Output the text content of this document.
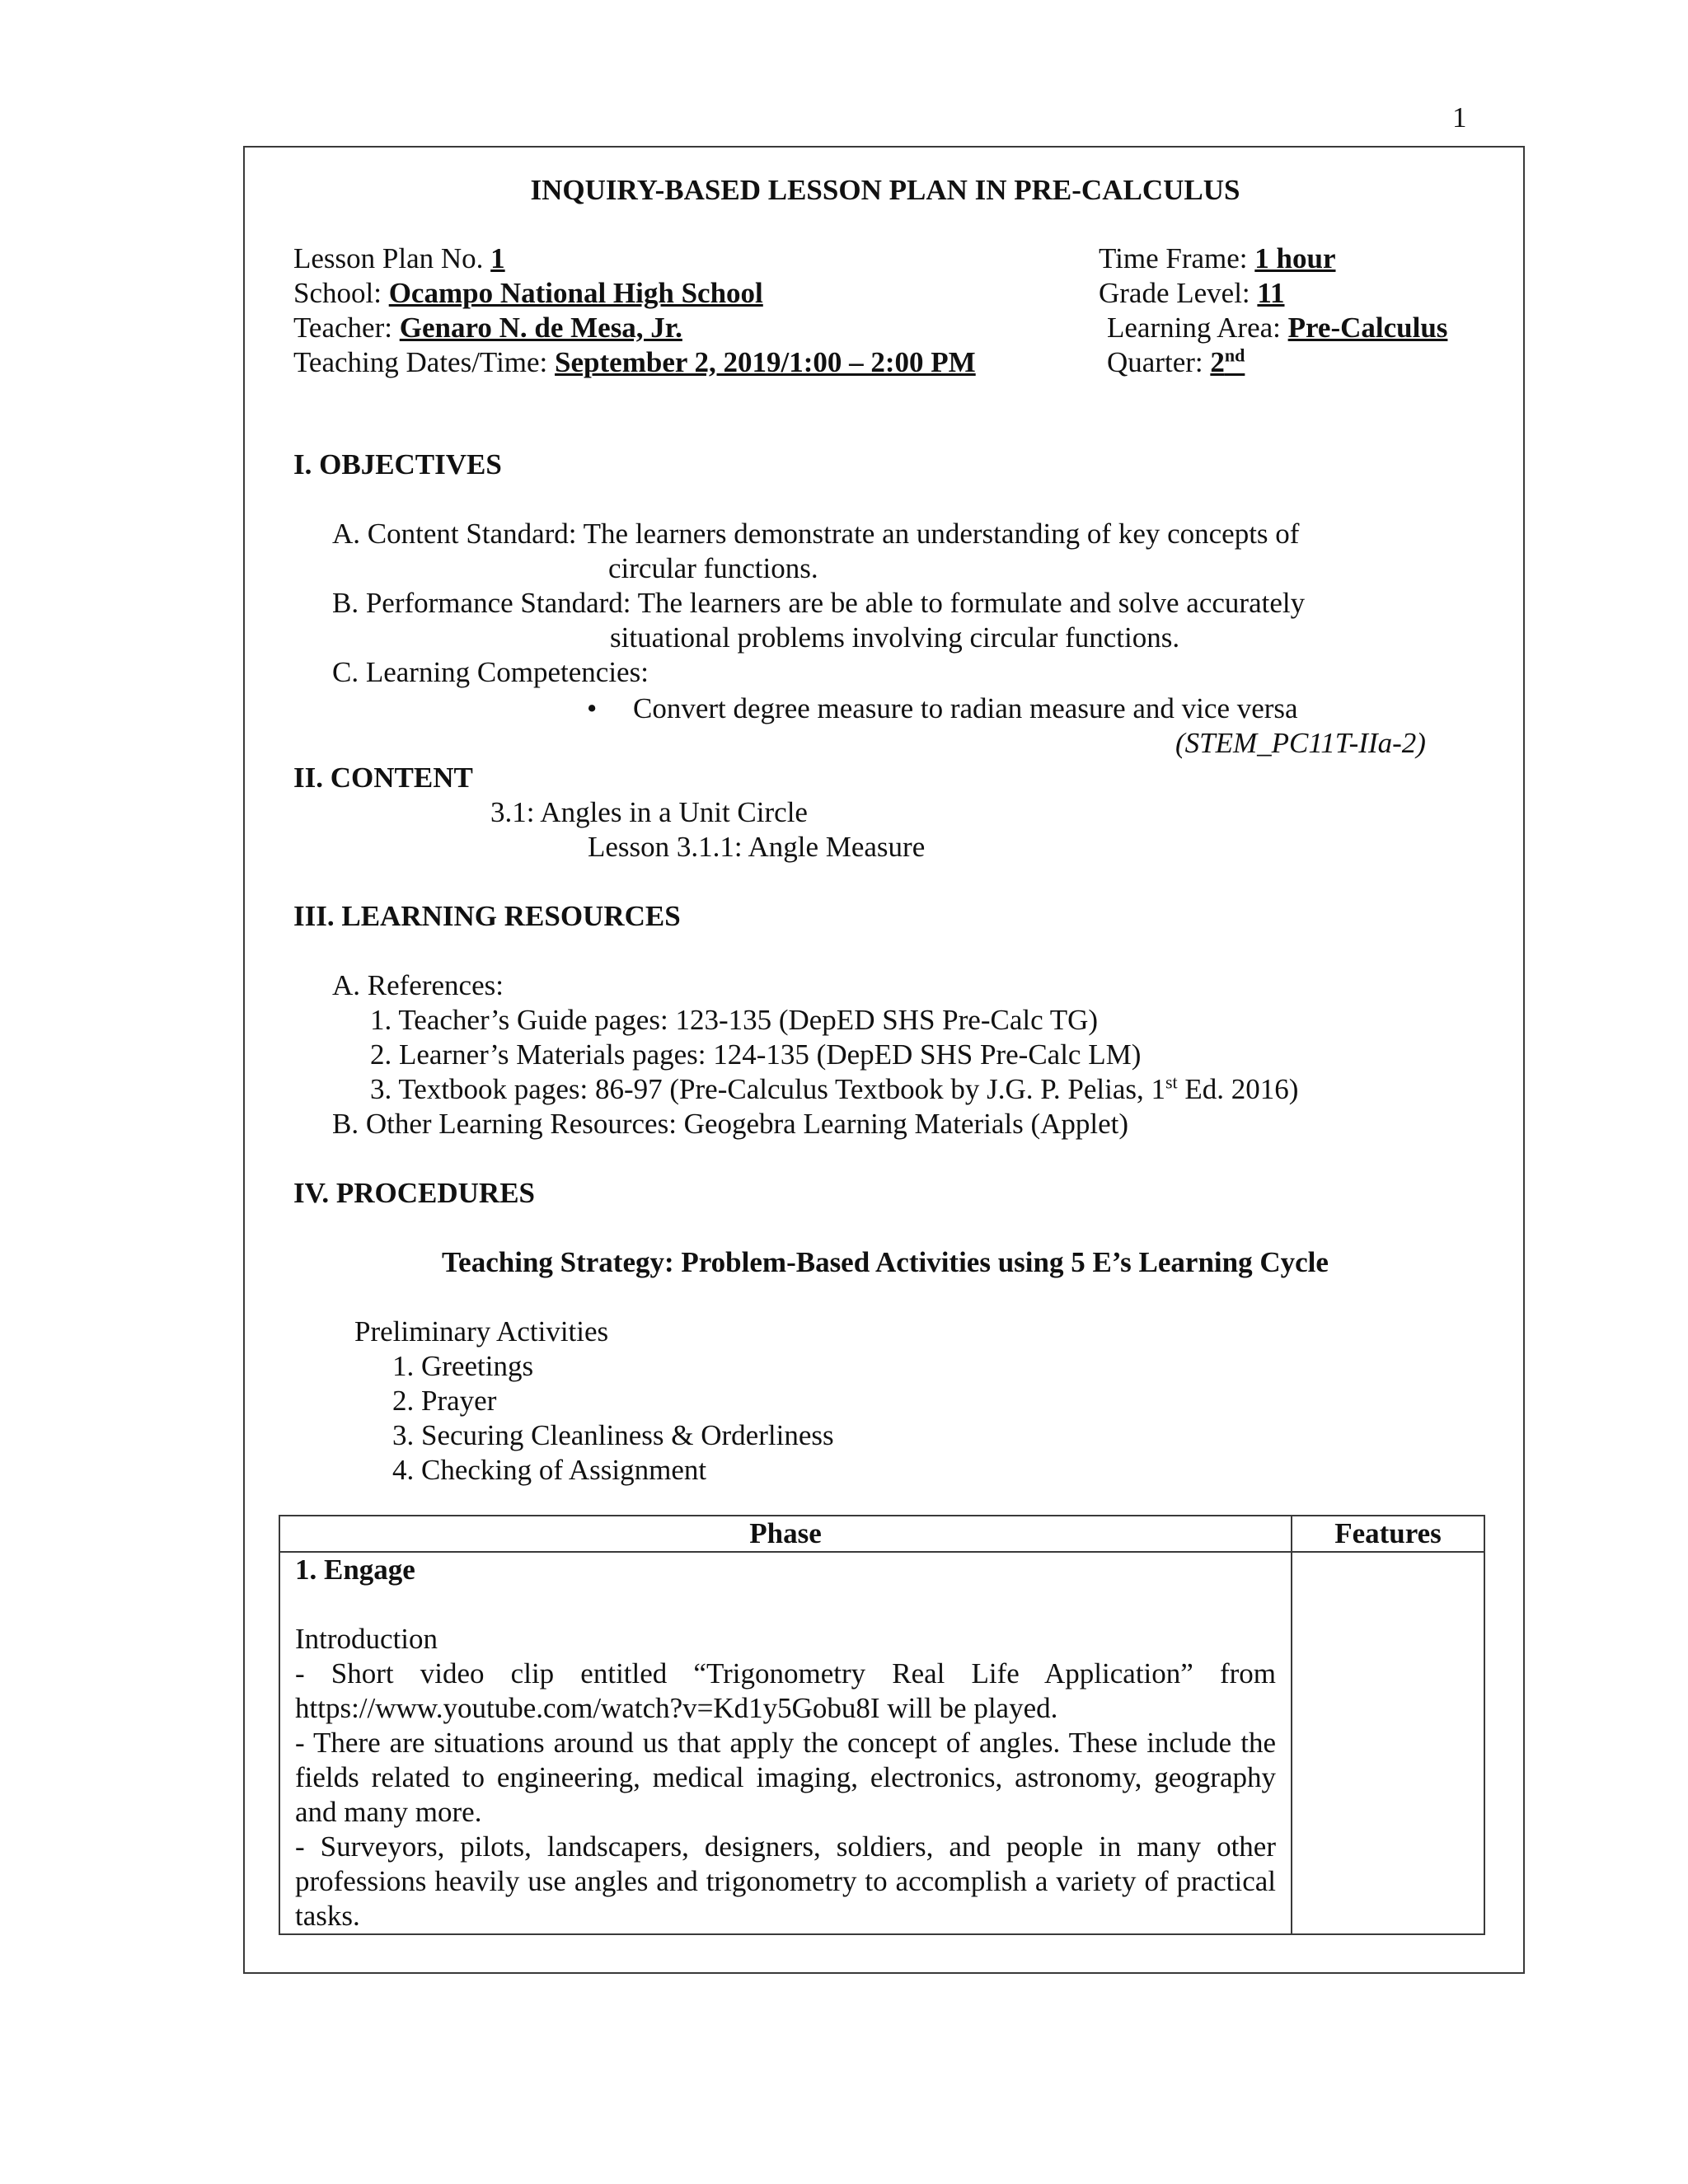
1
INQUIRY-BASED LESSON PLAN IN PRE-CALCULUS
Lesson Plan No. 1
School: Ocampo National High School
Teacher: Genaro N. de Mesa, Jr.
Teaching Dates/Time: September 2, 2019/1:00 – 2:00 PM
Time Frame: 1 hour
Grade Level: 11
Learning Area: Pre-Calculus
Quarter: 2nd
I. OBJECTIVES
A. Content Standard: The learners demonstrate an understanding of key concepts of
circular functions.
B. Performance Standard: The learners are be able to formulate and solve accurately
situational problems involving circular functions.
C. Learning Competencies:
• Convert degree measure to radian measure and vice versa
(STEM_PC11T-IIa-2)
II. CONTENT
3.1: Angles in a Unit Circle
Lesson 3.1.1: Angle Measure
III. LEARNING RESOURCES
A. References:
1. Teacher’s Guide pages: 123-135 (DepED SHS Pre-Calc TG)
2. Learner’s Materials pages: 124-135 (DepED SHS Pre-Calc LM)
3. Textbook pages: 86-97 (Pre-Calculus Textbook by J.G. P. Pelias, 1st Ed. 2016)
B. Other Learning Resources: Geogebra Learning Materials (Applet)
IV. PROCEDURES
Teaching Strategy: Problem-Based Activities using 5 E’s Learning Cycle
Preliminary Activities
1. Greetings
2. Prayer
3. Securing Cleanliness & Orderliness
4. Checking of Assignment
Phase	Features

1. Engage

Introduction

- Short video clip entitled “Trigonometry Real Life Application” from https://www.youtube.com/watch?v=Kd1y5Gobu8I will be played.

- There are situations around us that apply the concept of angles. These include the fields related to engineering, medical imaging, electronics, astronomy, geography and many more.

- Surveyors, pilots, landscapers, designers, soldiers, and people in many other professions heavily use angles and trigonometry to accomplish a variety of practical tasks.	
